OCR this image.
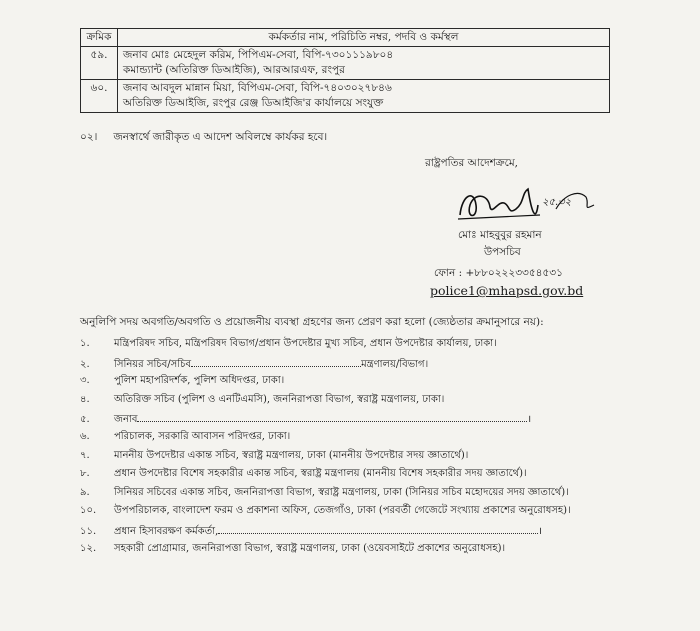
ক্রমিক	কর্মকর্তার নাম, পরিচিতি নম্বর, পদবি ও কর্মস্থল
৫৯.	জনাব মোঃ মেহেদুল করিম, পিপিএম-সেবা, বিপি-৭৩০১১১৯৮০৪
কমান্ড্যান্ট (অতিরিক্ত ডিআইজি), আরআরএফ, রংপুর

৬০.	জনাব আবদুল মান্নান মিয়া, বিপিএম-সেবা, বিপি-৭৪০৩০২৭৮৪৬
অতিরিক্ত ডিআইজি, রংপুর রেঞ্জ ডিআইজি'র কার্যালয়ে সংযুক্ত
০২। জনস্বার্থে জারীকৃত এ আদেশ অবিলম্বে কার্যকর হবে।
রাষ্ট্রপতির আদেশক্রমে,
২৫.৩২
মোঃ মাহবুবুর রহমান
উপসচিব
ফোন : +৮৮০২২২৩৩৫৪৫৩১
police1@mhapsd.gov.bd
অনুলিপি সদয় অবগতি/অবগতি ও প্রয়োজনীয় ব্যবস্থা গ্রহণের জন্য প্রেরণ করা হলো (জ্যেষ্ঠতার ক্রমানুসারে নয়):
১. মন্ত্রিপরিষদ সচিব, মন্ত্রিপরিষদ বিভাগ/প্রধান উপদেষ্টার মুখ্য সচিব, প্রধান উপদেষ্টার কার্যালয়, ঢাকা।
২. সিনিয়র সচিব/সচিব	মন্ত্রণালয়/বিভাগ।
৩. পুলিশ মহাপরিদর্শক, পুলিশ অধিদপ্তর, ঢাকা।
৪. অতিরিক্ত সচিব (পুলিশ ও এনটিএমসি), জননিরাপত্তা বিভাগ, স্বরাষ্ট্র মন্ত্রণালয়, ঢাকা।
৫. জনাব	।
৬. পরিচালক, সরকারি আবাসন পরিদপ্তর, ঢাকা।
৭. মাননীয় উপদেষ্টার একান্ত সচিব, স্বরাষ্ট্র মন্ত্রণালয়, ঢাকা (মাননীয় উপদেষ্টার সদয় জ্ঞাতার্থে)।
৮. প্রধান উপদেষ্টার বিশেষ সহকারীর একান্ত সচিব, স্বরাষ্ট্র মন্ত্রণালয় (মাননীয় বিশেষ সহকারীর সদয় জ্ঞাতার্থে)।
৯. সিনিয়র সচিবের একান্ত সচিব, জননিরাপত্তা বিভাগ, স্বরাষ্ট্র মন্ত্রণালয়, ঢাকা (সিনিয়র সচিব মহোদয়ের সদয় জ্ঞাতার্থে)।
১০. উপপরিচালক, বাংলাদেশ ফরম ও প্রকাশনা অফিস, তেজগাঁও, ঢাকা (পরবর্তী গেজেটে সংখ্যায় প্রকাশের অনুরোধসহ)।
১১. প্রধান হিসাবরক্ষণ কর্মকর্তা,	।
১২. সহকারী প্রোগ্রামার, জননিরাপত্তা বিভাগ, স্বরাষ্ট্র মন্ত্রণালয়, ঢাকা (ওয়েবসাইটে প্রকাশের অনুরোধসহ)।
